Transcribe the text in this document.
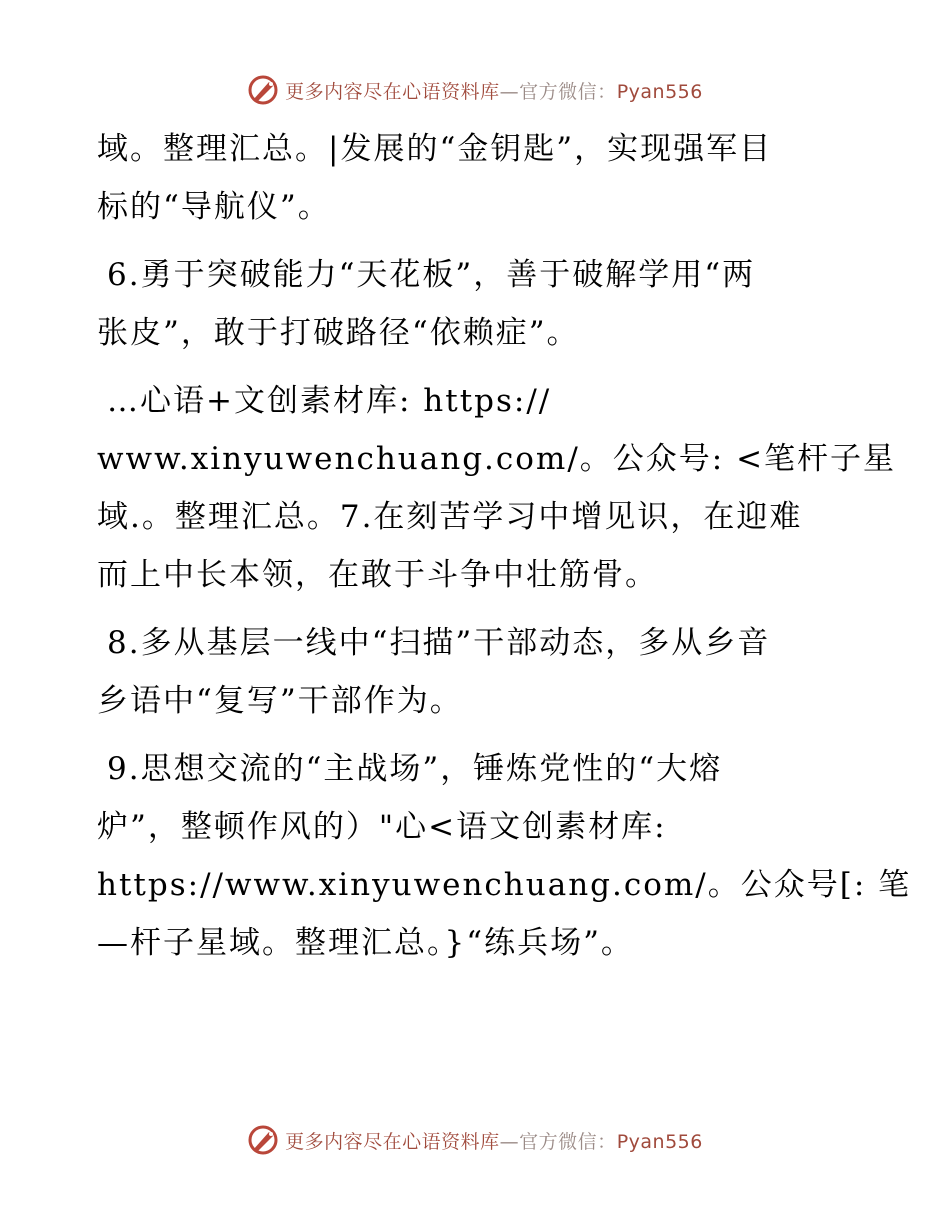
更多内容尽在心语资料库—官方微信：Pyan556
域。整理汇总。|发展的“金钥匙”，实现强军目
标的“导航仪”。
6.勇于突破能力“天花板”，善于破解学用“两
张皮”，敢于打破路径“依赖症”。
…心语+文创素材库: https://
www.xinyuwenchuang.com/。公众号: <笔杆子星
域.。整理汇总。7.在刻苦学习中增见识，在迎难
而上中长本领，在敢于斗争中壮筋骨。
8.多从基层一线中“扫描”干部动态，多从乡音
乡语中“复写”干部作为。
9.思想交流的“主战场”，锤炼党性的“大熔
炉”，整顿作风的）"心<语文创素材库:
https://www.xinyuwenchuang.com/。公众号[: 笔
—杆子星域。整理汇总。}“练兵场”。
更多内容尽在心语资料库—官方微信：Pyan556
